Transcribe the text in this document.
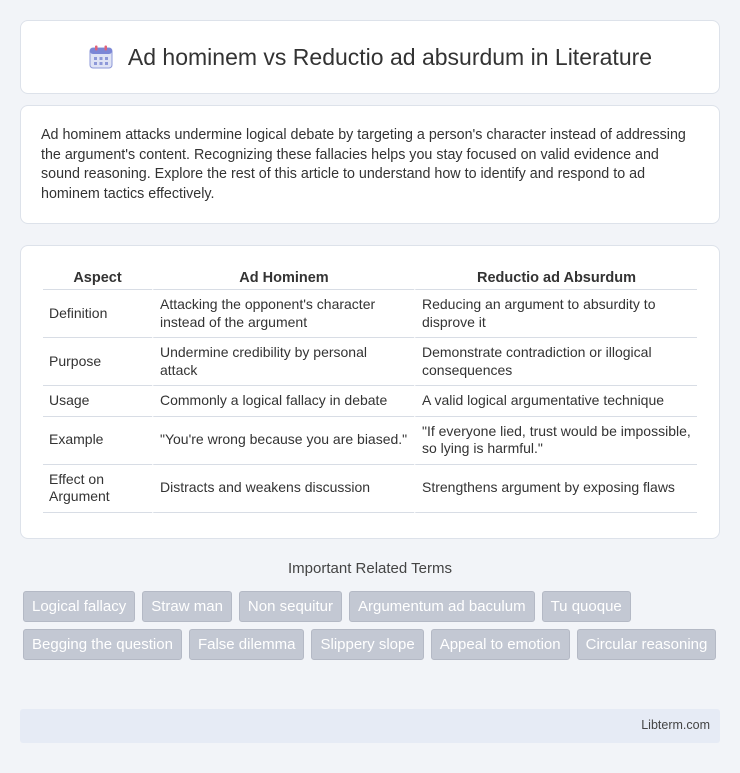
Ad hominem vs Reductio ad absurdum in Literature

Ad hominem attacks undermine logical debate by targeting a person's character instead of addressing the argument's content. Recognizing these fallacies helps you stay focused on valid evidence and sound reasoning. Explore the rest of this article to understand how to identify and respond to ad hominem tactics effectively.

Aspect	Ad Hominem	Reductio ad Absurdum
Definition	Attacking the opponent's character instead of the argument	Reducing an argument to absurdity to disprove it
Purpose	Undermine credibility by personal attack	Demonstrate contradiction or illogical consequences
Usage	Commonly a logical fallacy in debate	A valid logical argumentative technique
Example	"You're wrong because you are biased."	"If everyone lied, trust would be impossible, so lying is harmful."
Effect on Argument	Distracts and weakens discussion	Strengthens argument by exposing flaws
Important Related Terms
Logical fallacy	Straw man	Non sequitur	Argumentum ad baculum	Tu quoque
Begging the question	False dilemma	Slippery slope	Appeal to emotion	Circular reasoning
Libterm.com
